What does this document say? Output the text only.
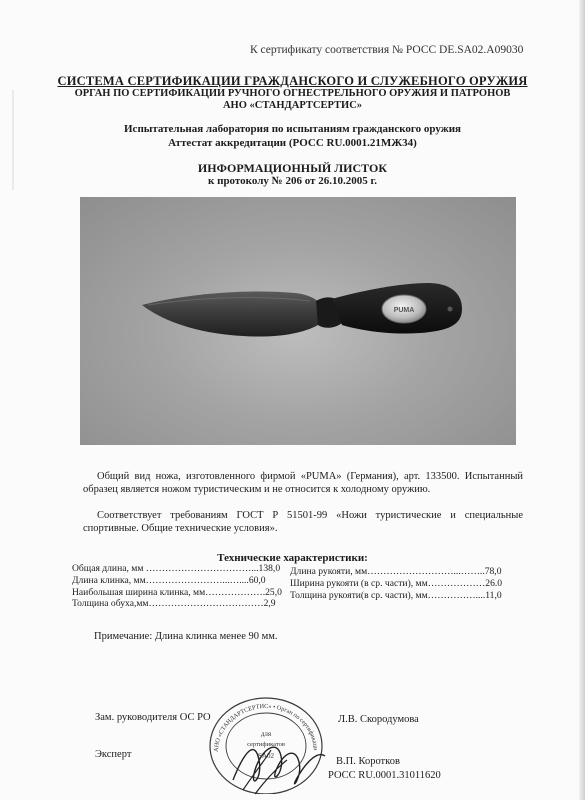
К сертификату соответствия № РОСС DE.SA02.A09030
СИСТЕМА СЕРТИФИКАЦИИ ГРАЖДАНСКОГО И СЛУЖЕБНОГО ОРУЖИЯ
ОРГАН ПО СЕРТИФИКАЦИИ РУЧНОГО ОГНЕСТРЕЛЬНОГО ОРУЖИЯ И ПАТРОНОВ
АНО «СТАНДАРТСЕРТИС»
Испытательная лаборатория по испытаниям гражданского оружия
Аттестат аккредитации (РОСС RU.0001.21МЖ34)
ИНФОРМАЦИОННЫЙ ЛИСТОК
к протоколу № 206 от 26.10.2005 г.
PUMA

Общий вид ножа, изготовленного фирмой «PUMA» (Германия), арт. 133500. Испытанный образец является ножом туристическим и не относится к холодному оружию.

Соответствует требованиям ГОСТ Р 51501-99 «Ножи туристические и специальные спортивные. Общие технические условия».

Технические характеристики:
Общая длина, мм ……………………………...138,0
Длина клинка, мм……………………...…....60,0
Наибольшая ширина клинка, мм……………….25,0
Толщина обуха,мм………………………………2,9
Длина рукояти, мм………………………...……..78,0
Ширина рукояти (в ср. части), мм………………26.0
Толщина рукояти(в ср. части), мм……………....11,0
Примечание: Длина клинка менее 90 мм.
АНО «СТАНДАРТСЕРТИС» • Орган по сертификаци
для
сертификатов
SA02
Зам. руководителя ОС РО	Л.В. Скородумова
Эксперт
В.П. Коротков
РОСС RU.0001.31011620
